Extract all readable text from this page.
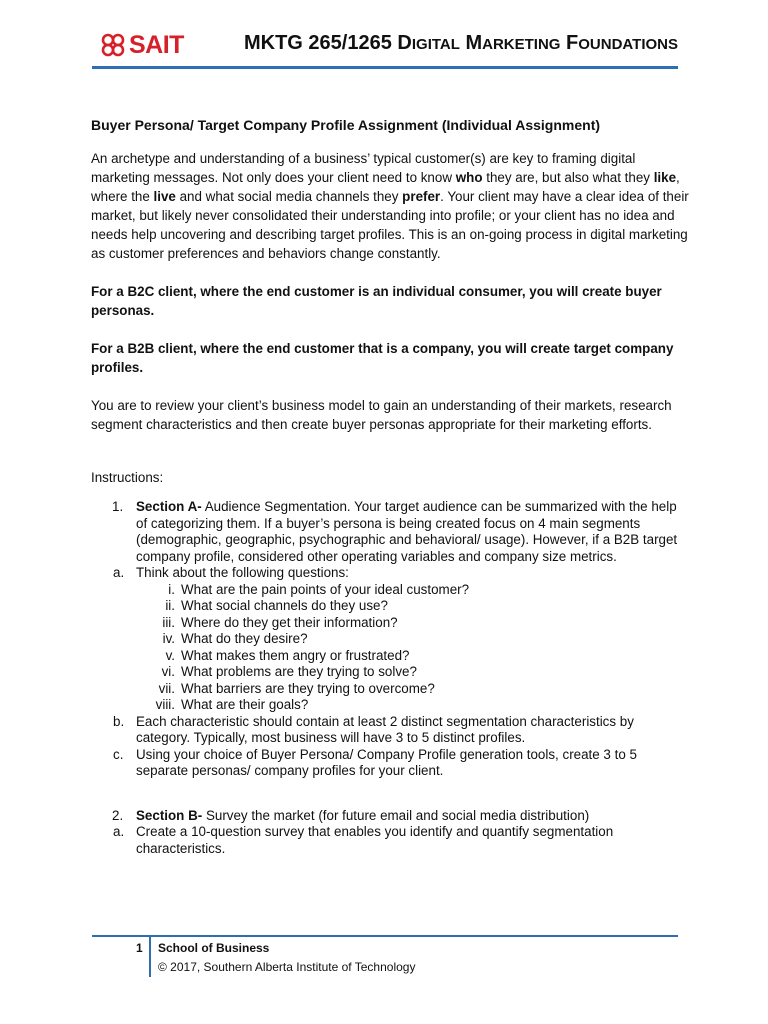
SAIT	MKTG 265/1265 DIGITAL MARKETING FOUNDATIONS
Buyer Persona/ Target Company Profile Assignment (Individual Assignment)

An archetype and understanding of a business’ typical customer(s) are key to framing digital marketing messages. Not only does your client need to know who they are, but also what they like, where the live and what social media channels they prefer. Your client may have a clear idea of their market, but likely never consolidated their understanding into profile; or your client has no idea and needs help uncovering and describing target profiles. This is an on-going process in digital marketing as customer preferences and behaviors change constantly.

For a B2C client, where the end customer is an individual consumer, you will create buyer personas.

For a B2B client, where the end customer that is a company, you will create target company profiles.

You are to review your client’s business model to gain an understanding of their markets, research segment characteristics and then create buyer personas appropriate for their marketing efforts.

Instructions:
1. Section A- Audience Segmentation. Your target audience can be summarized with the help of categorizing them. If a buyer’s persona is being created focus on 4 main segments (demographic, geographic, psychographic and behavioral/ usage). However, if a B2B target company profile, considered other operating variables and company size metrics.
a. Think about the following questions:
i. What are the pain points of your ideal customer?
ii. What social channels do they use?
iii. Where do they get their information?
iv. What do they desire?
v. What makes them angry or frustrated?
vi. What problems are they trying to solve?
vii. What barriers are they trying to overcome?
viii. What are their goals?
b. Each characteristic should contain at least 2 distinct segmentation characteristics by category. Typically, most business will have 3 to 5 distinct profiles.
c. Using your choice of Buyer Persona/ Company Profile generation tools, create 3 to 5 separate personas/ company profiles for your client.
2. Section B- Survey the market (for future email and social media distribution)
a. Create a 10-question survey that enables you identify and quantify segmentation characteristics.
1 School of Business
© 2017, Southern Alberta Institute of Technology
